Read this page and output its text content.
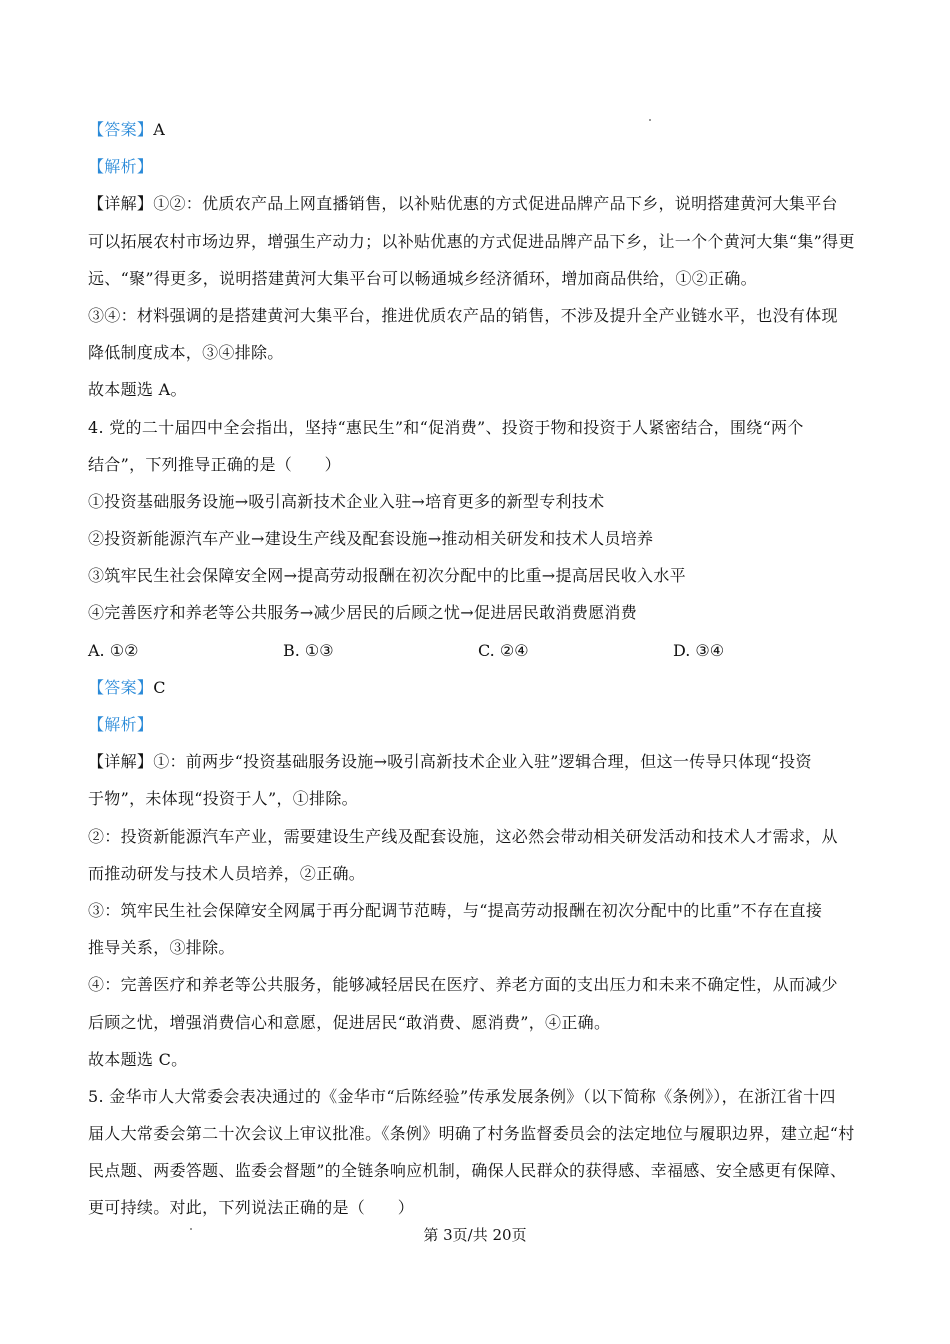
【答案】A
【解析】
【详解】①②：优质农产品上网直播销售，以补贴优惠的方式促进品牌产品下乡，说明搭建黄河大集平台
可以拓展农村市场边界，增强生产动力；以补贴优惠的方式促进品牌产品下乡，让一个个黄河大集“集”得更
远、“聚”得更多，说明搭建黄河大集平台可以畅通城乡经济循环，增加商品供给，①②正确。
③④：材料强调的是搭建黄河大集平台，推进优质农产品的销售，不涉及提升全产业链水平，也没有体现
降低制度成本，③④排除。
故本题选 A。
4. 党的二十届四中全会指出，坚持“惠民生”和“促消费”、投资于物和投资于人紧密结合，围绕“两个
结合”，下列推导正确的是（　　）
①投资基础服务设施→吸引高新技术企业入驻→培育更多的新型专利技术
②投资新能源汽车产业→建设生产线及配套设施→推动相关研发和技术人员培养
③筑牢民生社会保障安全网→提高劳动报酬在初次分配中的比重→提高居民收入水平
④完善医疗和养老等公共服务→减少居民的后顾之忧→促进居民敢消费愿消费
A. ①②	B. ①③	C. ②④	D. ③④
【答案】C
【解析】
【详解】①：前两步“投资基础服务设施→吸引高新技术企业入驻”逻辑合理，但这一传导只体现“投资
于物”，未体现“投资于人”，①排除。
②：投资新能源汽车产业，需要建设生产线及配套设施，这必然会带动相关研发活动和技术人才需求，从
而推动研发与技术人员培养，②正确。
③：筑牢民生社会保障安全网属于再分配调节范畴，与“提高劳动报酬在初次分配中的比重”不存在直接
推导关系，③排除。
④：完善医疗和养老等公共服务，能够减轻居民在医疗、养老方面的支出压力和未来不确定性，从而减少
后顾之忧，增强消费信心和意愿，促进居民“敢消费、愿消费”，④正确。
故本题选 C。
5. 金华市人大常委会表决通过的《金华市“后陈经验”传承发展条例》（以下简称《条例》），在浙江省十四
届人大常委会第二十次会议上审议批准。《条例》明确了村务监督委员会的法定地位与履职边界，建立起“村
民点题、两委答题、监委会督题”的全链条响应机制，确保人民群众的获得感、幸福感、安全感更有保障、
更可持续。对此，下列说法正确的是（　　）
第 3页/共 20页
